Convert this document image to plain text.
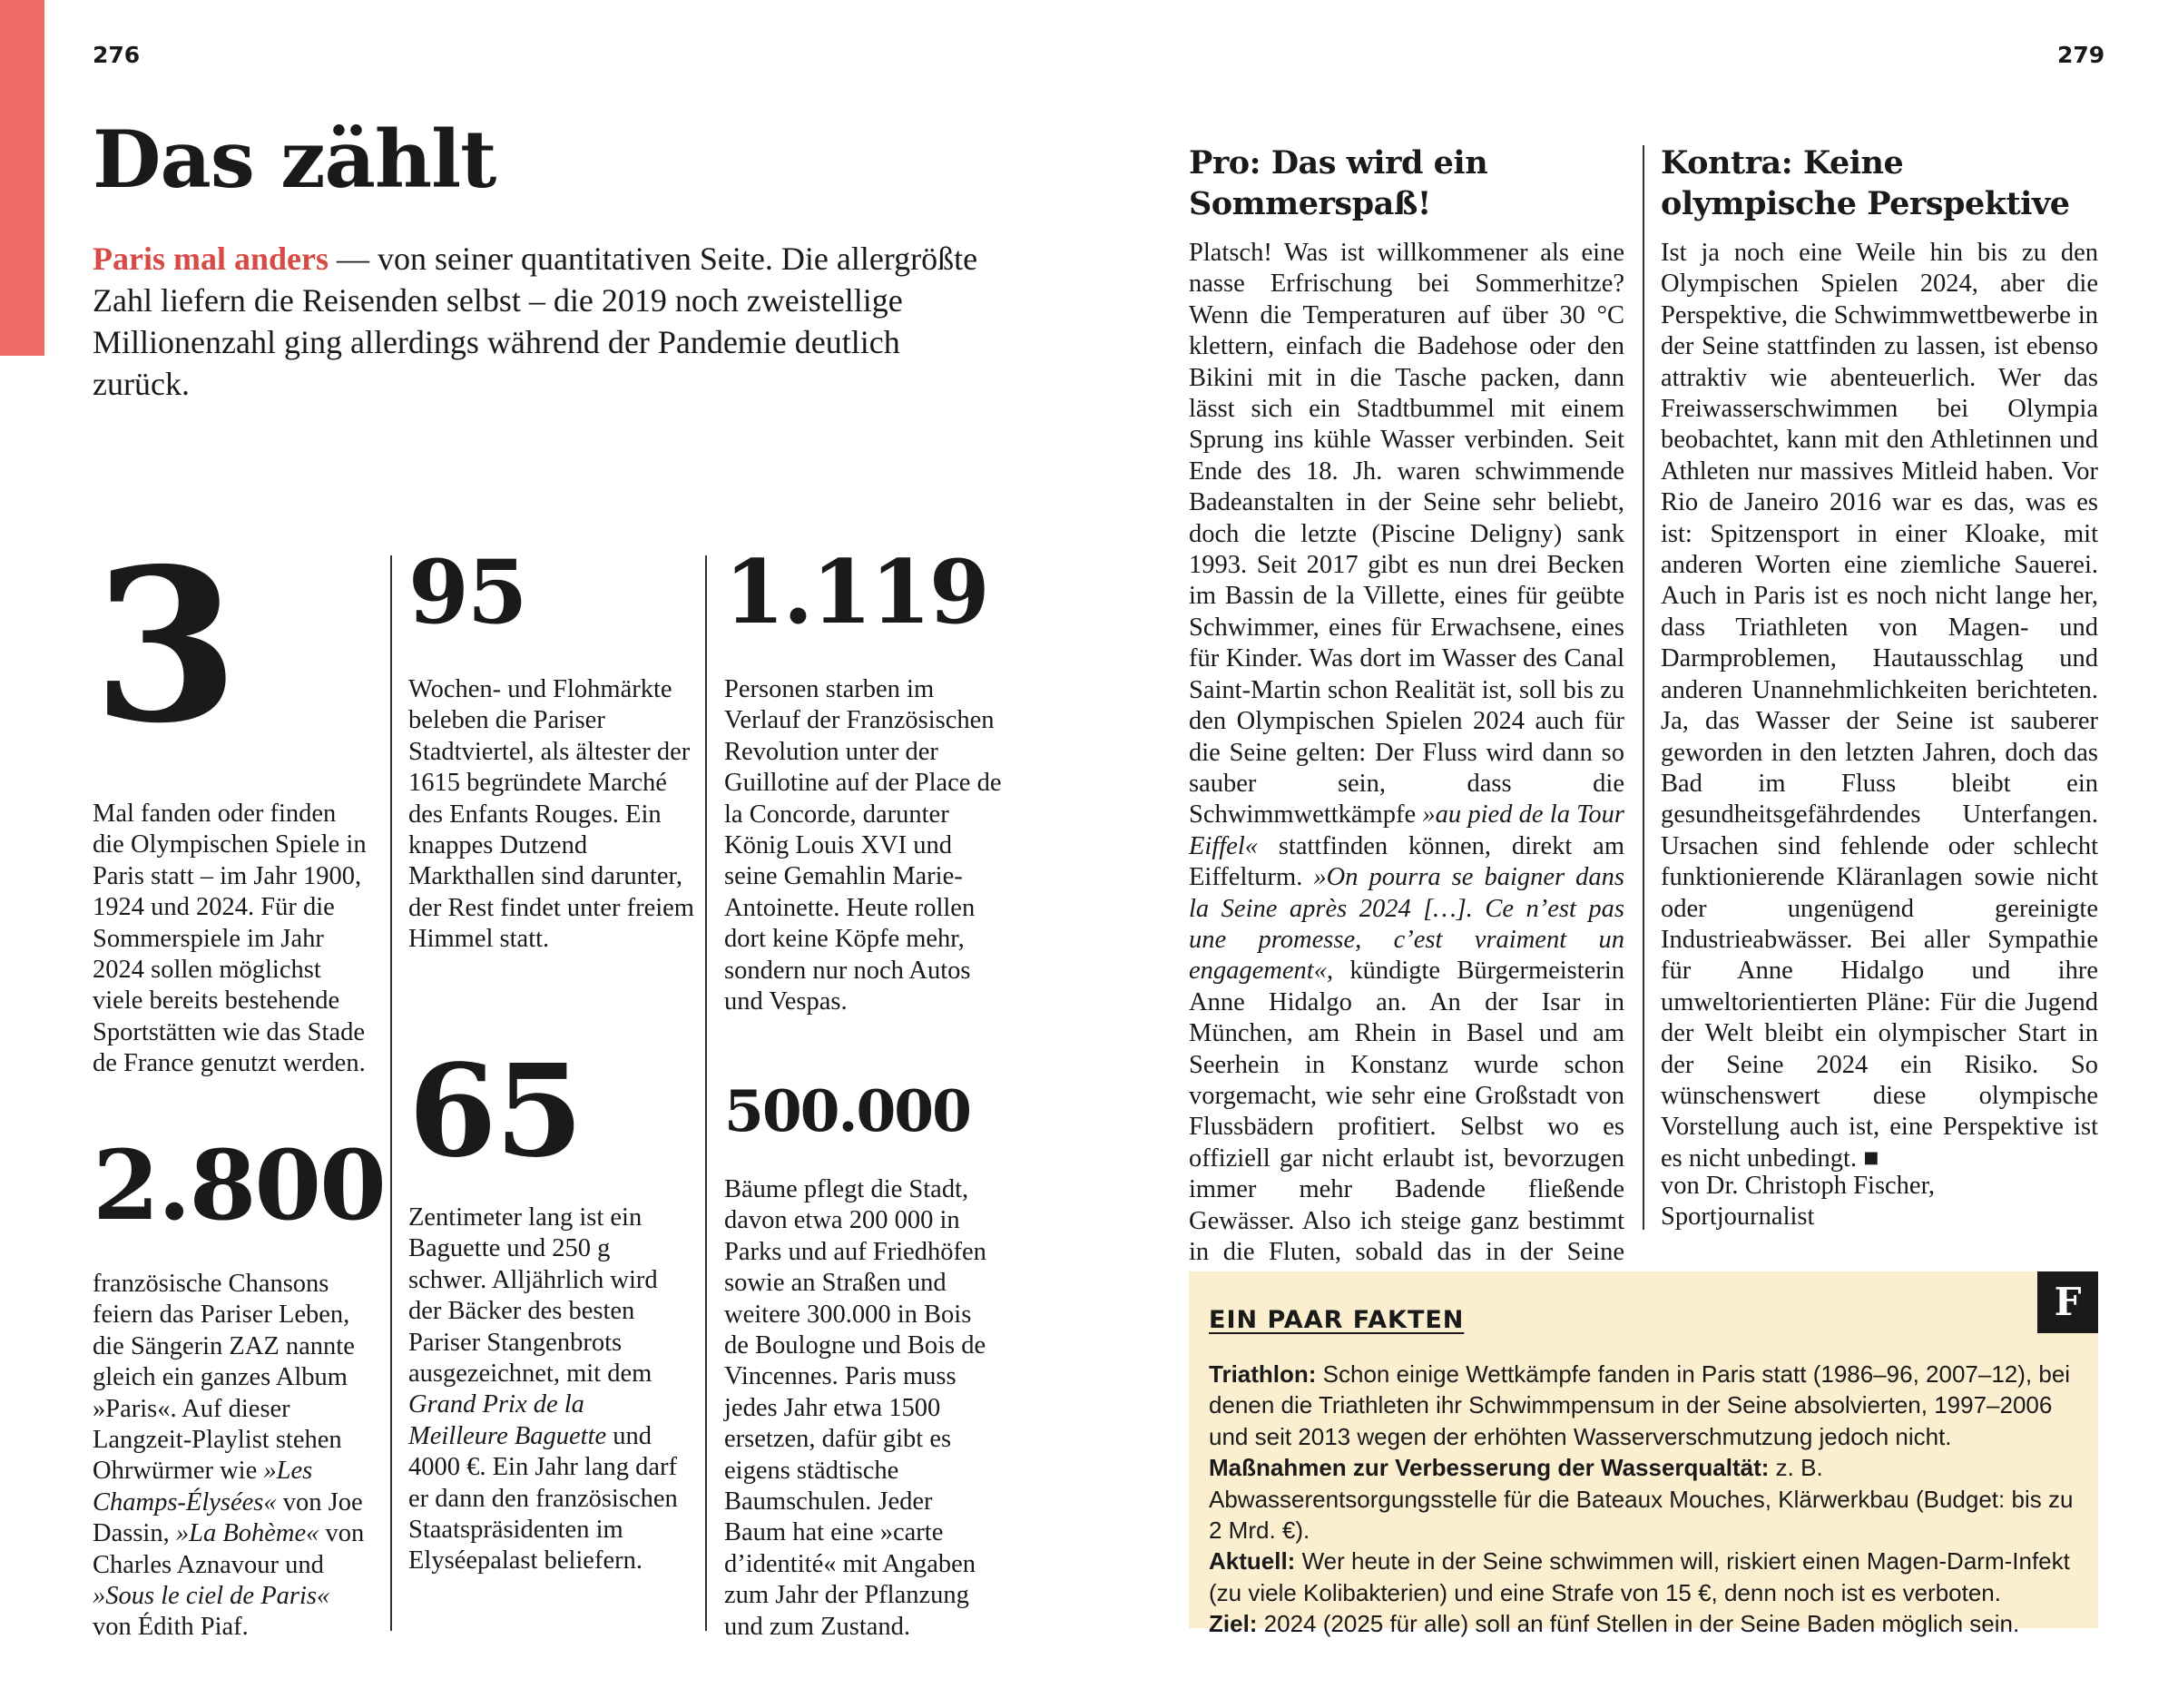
276	279
Das zählt

Paris mal anders — von seiner quantitativen Seite. Die allergrößte Zahl liefern die Reisenden selbst – die 2019 noch zweistellige Millionenzahl ging allerdings während der Pandemie deutlich zurück.

3

Mal fanden oder finden die Olympischen Spiele in Paris statt – im Jahr 1900, 1924 und 2024. Für die Sommerspiele im Jahr 2024 sollen möglichst viele bereits bestehende Sportstätten wie das Stade de France genutzt werden.

2.800

französische Chansons feiern das Pariser Leben, die Sängerin ZAZ nannte gleich ein ganzes Album »Paris«. Auf dieser Langzeit-Playlist stehen Ohrwürmer wie »Les Champs-Élysées« von Joe Dassin, »La Bohème« von Charles Aznavour und »Sous le ciel de Paris« von Édith Piaf.

95

Wochen- und Flohmärkte beleben die Pariser Stadtviertel, als ältester der 1615 begründete Marché des Enfants Rouges. Ein knappes Dutzend Markthallen sind darunter, der Rest findet unter freiem Himmel statt.

65

Zentimeter lang ist ein Baguette und 250 g schwer. Alljährlich wird der Bäcker des besten Pariser Stangenbrots ausgezeichnet, mit dem Grand Prix de la Meilleure Baguette und 4000 €. Ein Jahr lang darf er dann den französischen Staatspräsidenten im Elyséepalast beliefern.

1.119

Personen starben im Verlauf der Französischen Revolution unter der Guillotine auf der Place de la Concorde, darunter König Louis XVI und seine Gemahlin Marie-Antoinette. Heute rollen dort keine Köpfe mehr, sondern nur noch Autos und Vespas.

500.000

Bäume pflegt die Stadt, davon etwa 200 000 in Parks und auf Friedhöfen sowie an Straßen und weitere 300.000 in Bois de Boulogne und Bois de Vincennes. Paris muss jedes Jahr etwa 1500 ersetzen, dafür gibt es eigens städtische Baumschulen. Jeder Baum hat eine »carte d’identité« mit Angaben zum Jahr der Pflanzung und zum Zustand.

Pro: Das wird ein Sommerspaß!

Platsch! Was ist willkommener als eine nasse Erfrischung bei Sommerhitze? Wenn die Temperaturen auf über 30 °C klettern, einfach die Badehose oder den Bikini mit in die Tasche packen, dann lässt sich ein Stadtbummel mit einem Sprung ins kühle Wasser verbinden. Seit Ende des 18. Jh. waren schwimmende Badeanstalten in der Seine sehr beliebt, doch die letzte (Piscine Deligny) sank 1993. Seit 2017 gibt es nun drei Becken im Bassin de la Villette, eines für geübte Schwimmer, eines für Erwachsene, eines für Kinder. Was dort im Wasser des Canal Saint-Martin schon Realität ist, soll bis zu den Olympischen Spielen 2024 auch für die Seine gelten: Der Fluss wird dann so sauber sein, dass die Schwimmwettkämpfe »au pied de la Tour Eiffel« stattfinden können, direkt am Eiffelturm. »On pourra se baigner dans la Seine après 2024 […]. Ce n’est pas une promesse, c’est vraiment un engagement«, kündigte Bürgermeisterin Anne Hidalgo an. An der Isar in München, am Rhein in Basel und am Seerhein in Konstanz wurde schon vorgemacht, wie sehr eine Großstadt von Flussbädern profitiert. Selbst wo es offiziell gar nicht erlaubt ist, bevorzugen immer mehr Badende fließende Gewässer. Also ich steige ganz bestimmt in die Fluten, sobald das in der Seine

Kontra: Keine olympische Perspektive

Ist ja noch eine Weile hin bis zu den Olympischen Spielen 2024, aber die Perspektive, die Schwimmwettbewerbe in der Seine stattfinden zu lassen, ist ebenso attraktiv wie abenteuerlich. Wer das Freiwasserschwimmen bei Olympia beobachtet, kann mit den Athletinnen und Athleten nur massives Mitleid haben. Vor Rio de Janeiro 2016 war es das, was es ist: Spitzensport in einer Kloake, mit anderen Worten eine ziemliche Sauerei. Auch in Paris ist es noch nicht lange her, dass Triathleten von Magen- und Darmproblemen, Hautausschlag und anderen Unannehmlichkeiten berichteten. Ja, das Wasser der Seine ist sauberer geworden in den letzten Jahren, doch das Bad im Fluss bleibt ein gesundheitsgefährdendes Unterfangen. Ursachen sind fehlende oder schlecht funktionierende Kläranlagen sowie nicht oder ungenügend gereinigte Industrieabwässer. Bei aller Sympathie für Anne Hidalgo und ihre umweltorientierten Pläne: Für die Jugend der Welt bleibt ein olympischer Start in der Seine 2024 ein Risiko. So wünschenswert diese olympische Vorstellung auch ist, eine Perspektive ist es nicht unbedingt. ■

von Dr. Christoph Fischer,

Sportjournalist

EIN PAAR FAKTEN	F
Triathlon: Schon einige Wettkämpfe fanden in Paris statt (1986–96, 2007–12), bei denen die Triathleten ihr Schwimmpensum in der Seine absolvierten, 1997–2006 und seit 2013 wegen der erhöhten Wasserverschmutzung jedoch nicht.
Maßnahmen zur Verbesserung der Wasserqualtät: z. B. Abwasserentsorgungsstelle für die Bateaux Mouches, Klärwerkbau (Budget: bis zu 2 Mrd. €).
Aktuell: Wer heute in der Seine schwimmen will, riskiert einen Magen-Darm-Infekt (zu viele Kolibakterien) und eine Strafe von 15 €, denn noch ist es verboten.
Ziel: 2024 (2025 für alle) soll an fünf Stellen in der Seine Baden möglich sein.
